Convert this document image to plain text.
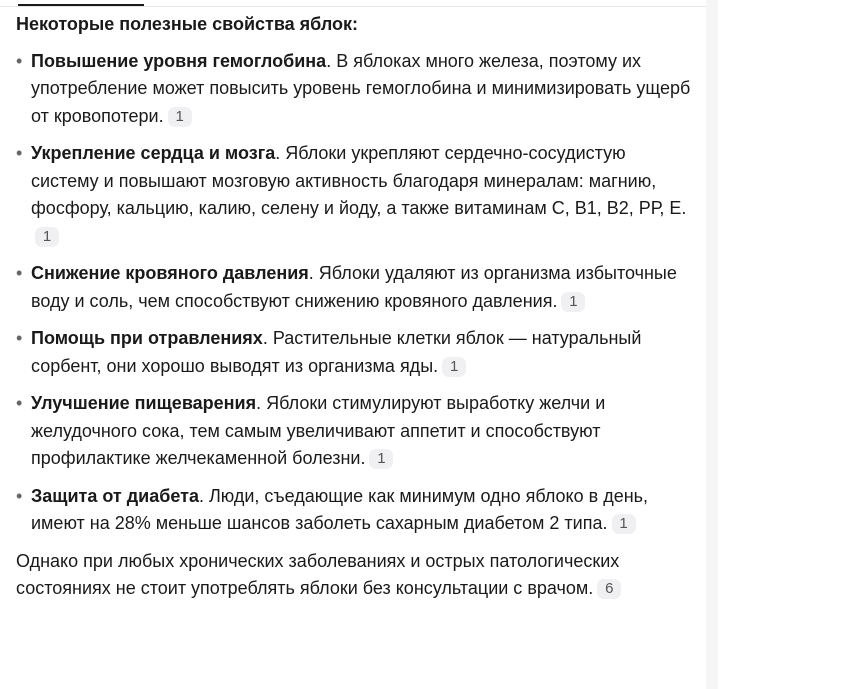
Некоторые полезные свойства яблок:
• Повышение уровня гемоглобина. В яблоках много железа, поэтому их употребление может повысить уровень гемоглобина и минимизировать ущерб от кровопотери. 1
• Укрепление сердца и мозга. Яблоки укрепляют сердечно-сосудистую систему и повышают мозговую активность благодаря минералам: магнию, фосфору, кальцию, калию, селену и йоду, а также витаминам С, В1, В2, РР, Е.1
• Снижение кровяного давления. Яблоки удаляют из организма избыточные воду и соль, чем способствуют снижению кровяного давления. 1
• Помощь при отравлениях. Растительные клетки яблок — натуральный сорбент, они хорошо выводят из организма яды. 1
• Улучшение пищеварения. Яблоки стимулируют выработку желчи и желудочного сока, тем самым увеличивают аппетит и способствуют профилактике желчекаменной болезни. 1
• Защита от диабета. Люди, съедающие как минимум одно яблоко в день, имеют на 28% меньше шансов заболеть сахарным диабетом 2 типа. 1

Однако при любых хронических заболеваниях и острых патологических состояниях не стоит употреблять яблоки без консультации с врачом. 6
